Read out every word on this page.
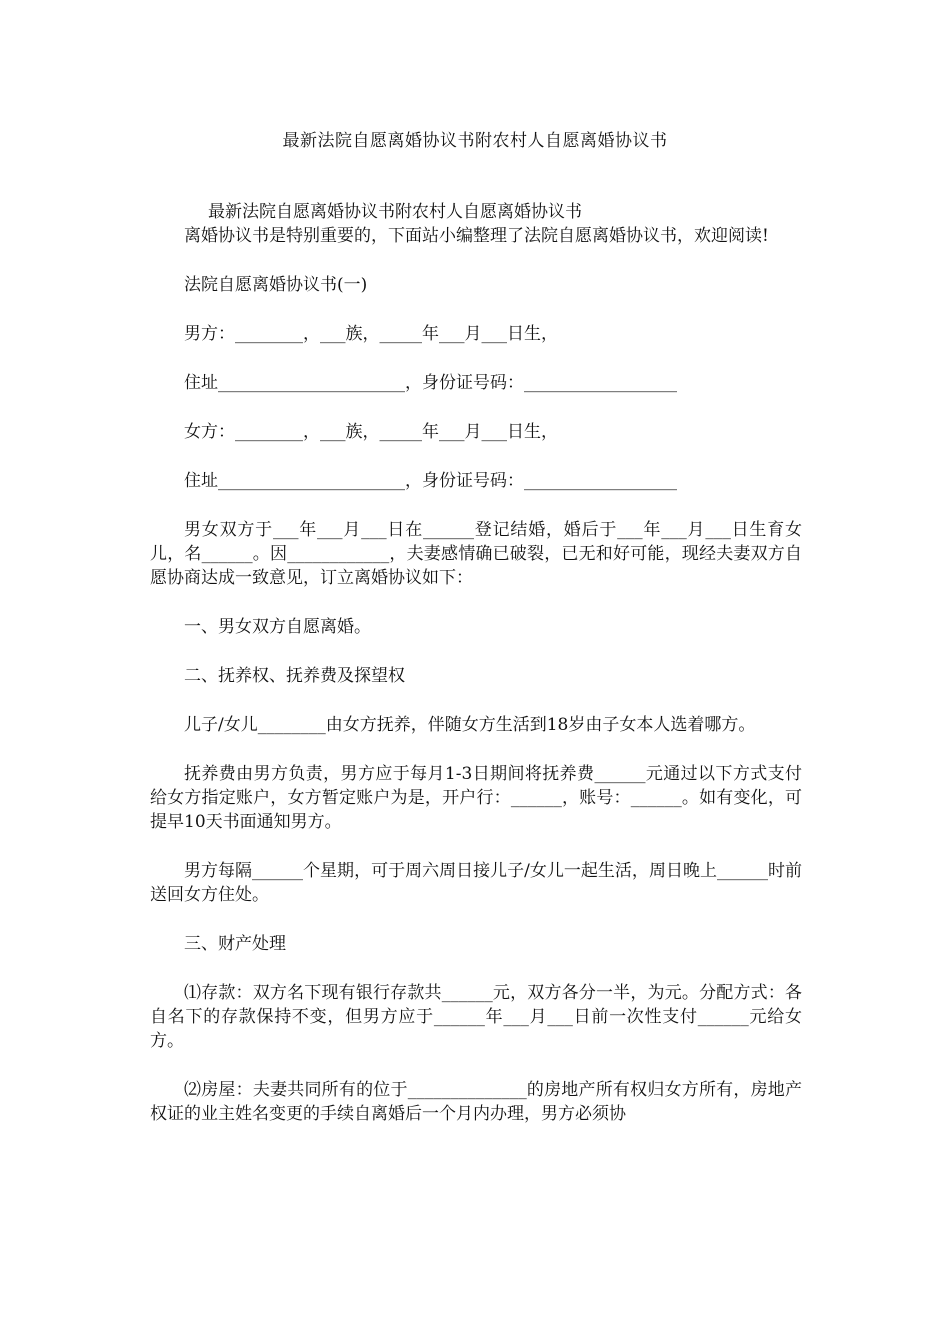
最新法院自愿离婚协议书附农村人自愿离婚协议书

最新法院自愿离婚协议书附农村人自愿离婚协议书

离婚协议书是特别重要的，下面站小编整理了法院自愿离婚协议书，欢迎阅读!

法院自愿离婚协议书(一)

男方：________，___族，_____年___月___日生，

住址______________________，身份证号码：__________________

女方：________，___族，_____年___月___日生，

住址______________________，身份证号码：__________________

男女双方于___年___月___日在______登记结婚，婚后于___年___月___日生育女儿，名______。因____________，夫妻感情确已破裂，已无和好可能，现经夫妻双方自愿协商达成一致意见，订立离婚协议如下：

一、男女双方自愿离婚。

二、抚养权、抚养费及探望权

儿子/女儿________由女方抚养，伴随女方生活到18岁由子女本人选着哪方。

抚养费由男方负责，男方应于每月1-3日期间将抚养费______元通过以下方式支付给女方指定账户，女方暂定账户为是，开户行：______，账号：______。如有变化，可提早10天书面通知男方。

男方每隔______个星期，可于周六周日接儿子/女儿一起生活，周日晚上______时前送回女方住处。

三、财产处理

⑴存款：双方名下现有银行存款共______元，双方各分一半，为元。分配方式：各自名下的存款保持不变，但男方应于______年___月___日前一次性支付______元给女方。

⑵房屋：夫妻共同所有的位于______________的房地产所有权归女方所有，房地产权证的业主姓名变更的手续自离婚后一个月内办理，男方必须协
